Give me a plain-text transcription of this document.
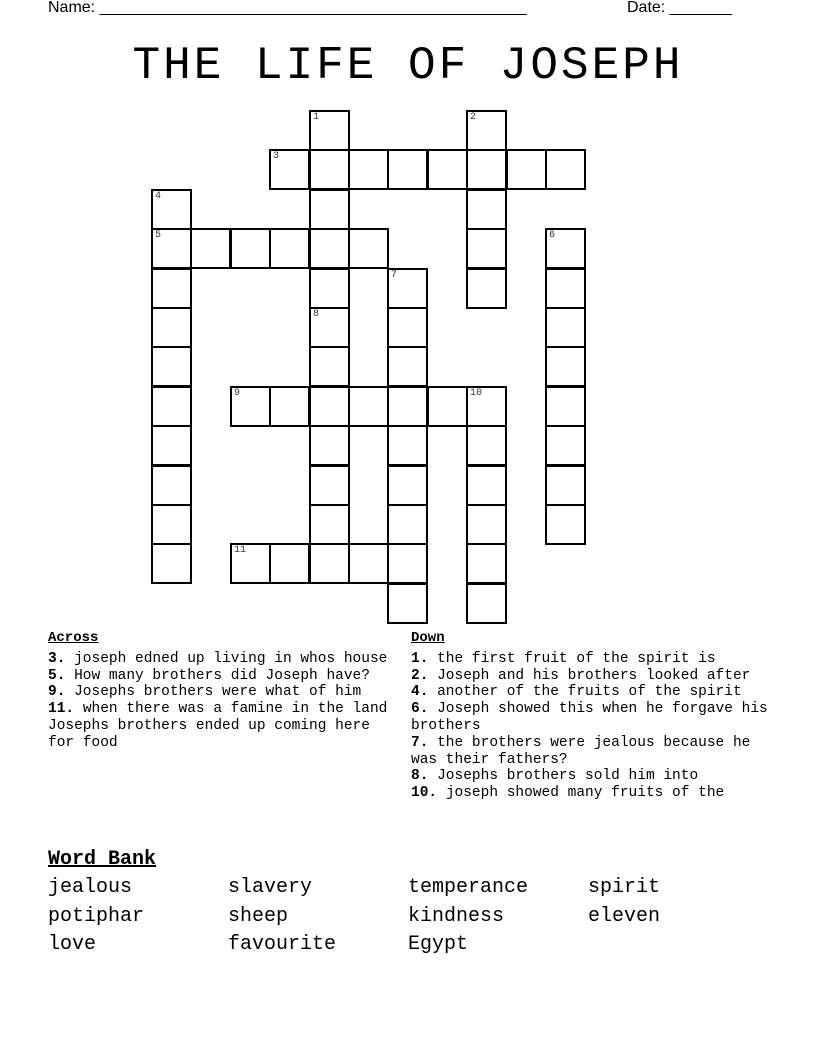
Name: ________________________________________________	Date: _______
THE LIFE OF JOSEPH
1	2
3
4
5	6
7
8
9	10
11
Across

3. joseph edned up living in whos house

5. How many brothers did Joseph have?

9. Josephs brothers were what of him

11. when there was a famine in the land Josephs brothers ended up coming here for food

Down

1. the first fruit of the spirit is

2. Joseph and his brothers looked after

4. another of the fruits of the spirit

6. Joseph showed this when he forgave his brothers

7. the brothers were jealous because he was their fathers?

8. Josephs brothers sold him into

10. joseph showed many fruits of the

Word Bank
jealous	slavery	temperance	spirit
potiphar	sheep	kindness	eleven
love	favourite	Egypt
